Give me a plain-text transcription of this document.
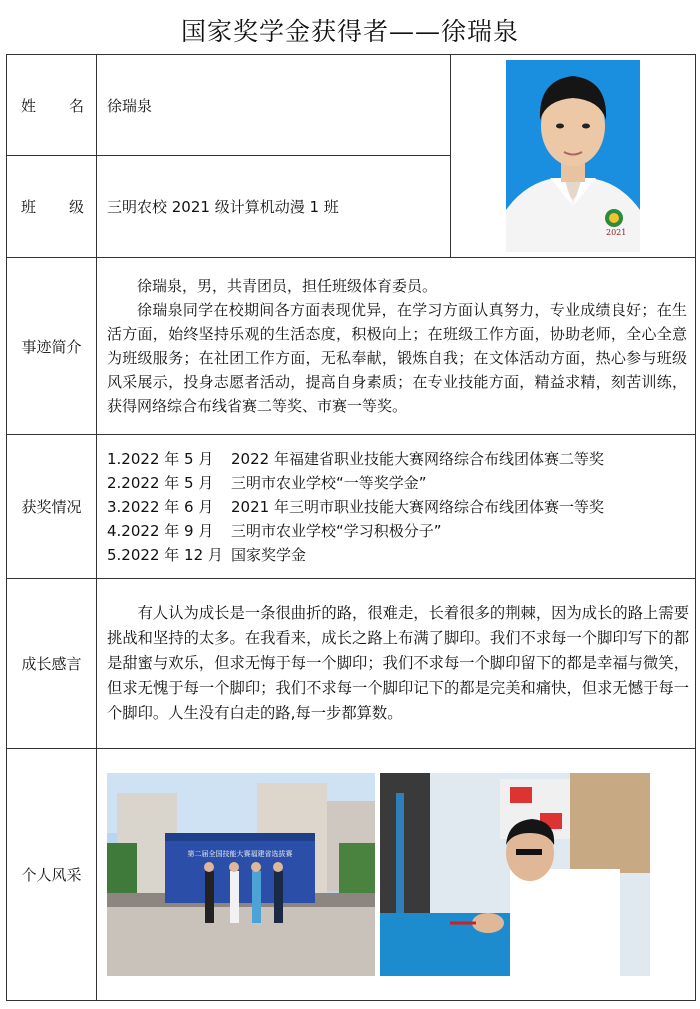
国家奖学金获得者——徐瑞泉
姓 名	徐瑞泉	2021

班 级	三明农校 2021 级计算机动漫 1 班	
事迹简介	徐瑞泉，男，共青团员，担任班级体育委员。

徐瑞泉同学在校期间各方面表现优异，在学习方面认真努力，专业成绩良好；在生活方面，始终坚持乐观的生活态度，积极向上；在班级工作方面，协助老师，全心全意为班级服务；在社团工作方面，无私奉献，锻炼自我；在文体活动方面，热心参与班级风采展示，投身志愿者活动，提高自身素质；在专业技能方面，精益求精，刻苦训练，获得网络综合布线省赛二等奖、市赛一等奖。	

获奖情况	1.2022 年 5 月 2022 年福建省职业技能大赛网络综合布线团体赛二等奖
2.2022 年 5 月 三明市农业学校“一等奖学金”
3.2022 年 6 月 2021 年三明市职业技能大赛网络综合布线团体赛一等奖
4.2022 年 9 月 三明市农业学校“学习积极分子”
5.2022 年 12 月 国家奖学金	

成长感言	有人认为成长是一条很曲折的路，很难走，长着很多的荆棘，因为成长的路上需要挑战和坚持的太多。在我看来，成长之路上布满了脚印。我们不求每一个脚印写下的都是甜蜜与欢乐，但求无悔于每一个脚印；我们不求每一个脚印留下的都是幸福与微笑，但求无愧于每一个脚印；我们不求每一个脚印记下的都是完美和痛快，但求无憾于每一个脚印。人生没有白走的路,每一步都算数。	

个人风采	第二届全国技能大赛福建省选拔赛	
